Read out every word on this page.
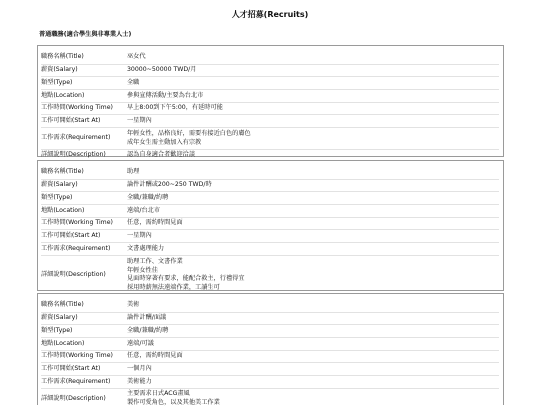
人才招募(Recruits)
普通職務(適合學生與非專業人士)
職務名稱(Title)	巫女代
薪資(Salary)	30000~50000 TWD/月
類型(Type)	全職
地點(Location)	參與宣傳活動/主要為台北市
工作時間(Working Time)	早上8:00到下午5:00，有延時可能
工作可開始(Start At)	一星期內
工作需求(Requirement)
年輕女性，品格良好，需要有接近白色的膚色
成年女生需主動加入有宗教
詳細說明(Description)	認為自身適合者歡迎洽談
職務名稱(Title)	助理
薪資(Salary)	論件計酬或200~250 TWD/時
類型(Type)	全職/兼職/約聘
地點(Location)	遠端/台北市
工作時間(Working Time)	任意，需約時間見面
工作可開始(Start At)	一星期內
工作需求(Requirement)	文書處理能力
詳細說明(Description)
助理工作、文書作業
年輕女性佳
見面時穿著有要求，能配合救主，行禮得宜
採用時薪無法遠端作業，工讀生可
職務名稱(Title)	美術
薪資(Salary)	論件計酬/面議
類型(Type)	全職/兼職/約聘
地點(Location)	遠端/可議
工作時間(Working Time)	任意，需約時間見面
工作可開始(Start At)	一個月內
工作需求(Requirement)	美術能力
詳細說明(Description)
主要需求日式ACG畫風
製作可愛角色，以及其他美工作業
